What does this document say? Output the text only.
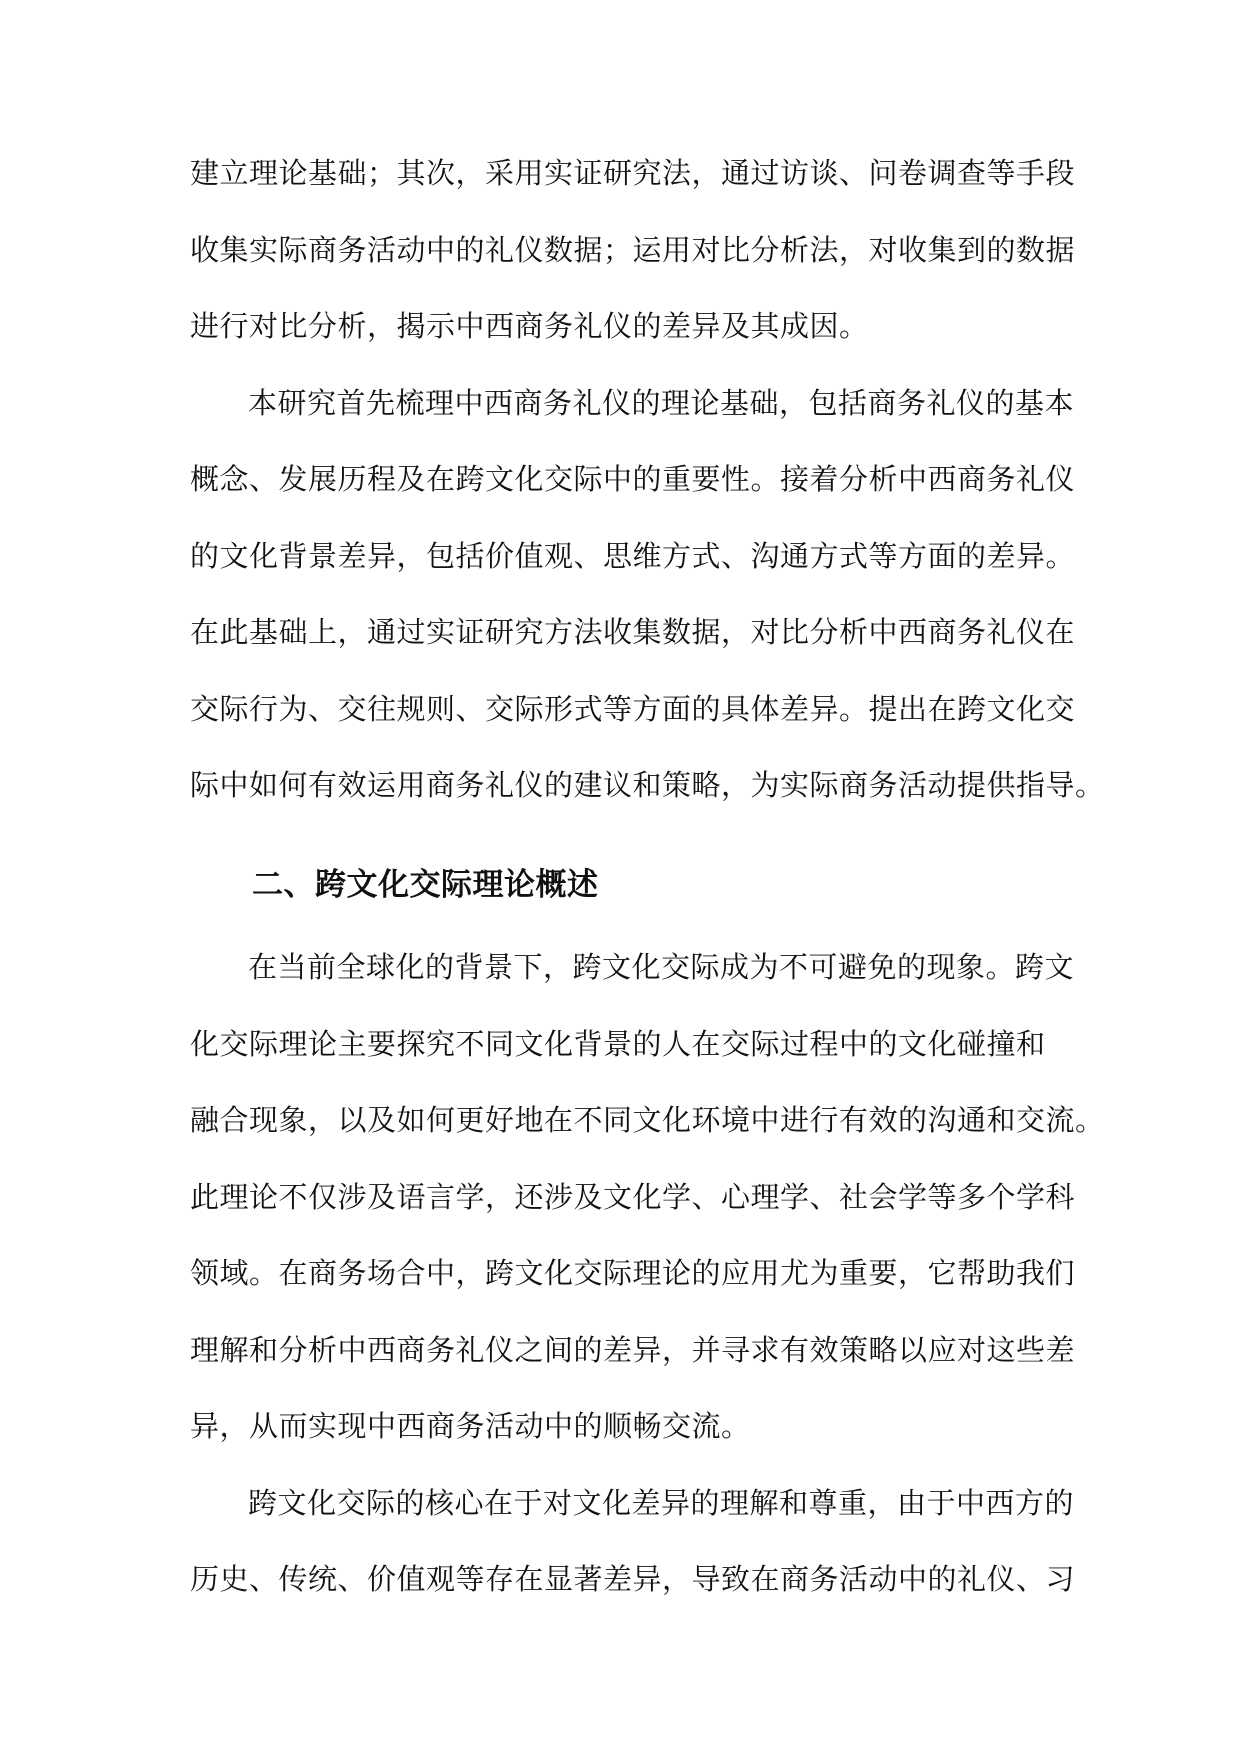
建立理论基础；其次，采用实证研究法，通过访谈、问卷调查等手段
收集实际商务活动中的礼仪数据；运用对比分析法，对收集到的数据
进行对比分析，揭示中西商务礼仪的差异及其成因。
本研究首先梳理中西商务礼仪的理论基础，包括商务礼仪的基本
概念、发展历程及在跨文化交际中的重要性。接着分析中西商务礼仪
的文化背景差异，包括价值观、思维方式、沟通方式等方面的差异。
在此基础上，通过实证研究方法收集数据，对比分析中西商务礼仪在
交际行为、交往规则、交际形式等方面的具体差异。提出在跨文化交
际中如何有效运用商务礼仪的建议和策略，为实际商务活动提供指导。
二、跨文化交际理论概述
在当前全球化的背景下，跨文化交际成为不可避免的现象。跨文
化交际理论主要探究不同文化背景的人在交际过程中的文化碰撞和
融合现象，以及如何更好地在不同文化环境中进行有效的沟通和交流。
此理论不仅涉及语言学，还涉及文化学、心理学、社会学等多个学科
领域。在商务场合中，跨文化交际理论的应用尤为重要，它帮助我们
理解和分析中西商务礼仪之间的差异，并寻求有效策略以应对这些差
异，从而实现中西商务活动中的顺畅交流。
跨文化交际的核心在于对文化差异的理解和尊重，由于中西方的
历史、传统、价值观等存在显著差异，导致在商务活动中的礼仪、习
